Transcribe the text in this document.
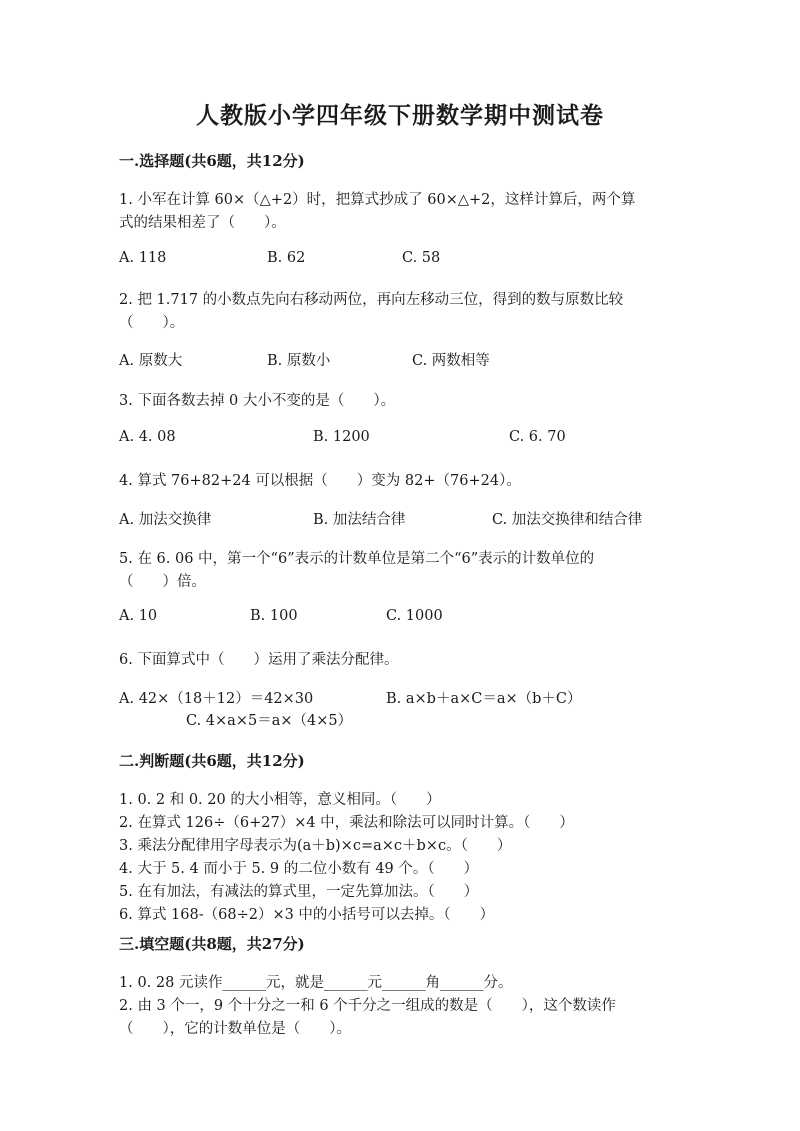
人教版小学四年级下册数学期中测试卷
一.选择题(共6题，共12分)
1. 小军在计算 60×（△+2）时，把算式抄成了 60×△+2，这样计算后，两个算
式的结果相差了（　　）。
A. 118	B. 62	C. 58
2. 把 1.717 的小数点先向右移动两位，再向左移动三位，得到的数与原数比较
（　　）。
A. 原数大	B. 原数小	C. 两数相等
3. 下面各数去掉 0 大小不变的是（　　）。
A. 4. 08	B. 1200	C. 6. 70
4. 算式 76+82+24 可以根据（　　）变为 82+（76+24）。
A. 加法交换律	B. 加法结合律	C. 加法交换律和结合律
5. 在 6. 06 中，第一个“6”表示的计数单位是第二个“6”表示的计数单位的
（　　）倍。
A. 10	B. 100	C. 1000
6. 下面算式中（　　）运用了乘法分配律。
A. 42×（18＋12）＝42×30	B. a×b＋a×C＝a×（b＋C）
C. 4×a×5＝a×（4×5）
二.判断题(共6题，共12分)
1. 0. 2 和 0. 20 的大小相等，意义相同。（　　）
2. 在算式 126÷（6+27）×4 中，乘法和除法可以同时计算。（　　）
3. 乘法分配律用字母表示为(a＋b)×c=a×c＋b×c。（　　）
4. 大于 5. 4 而小于 5. 9 的二位小数有 49 个。（　　）
5. 在有加法，有减法的算式里，一定先算加法。（　　）
6. 算式 168-（68÷2）×3 中的小括号可以去掉。（　　）
三.填空题(共8题，共27分)
1. 0. 28 元读作______元，就是______元______角______分。
2. 由 3 个一，9 个十分之一和 6 个千分之一组成的数是（　　），这个数读作
（　　），它的计数单位是（　　）。
